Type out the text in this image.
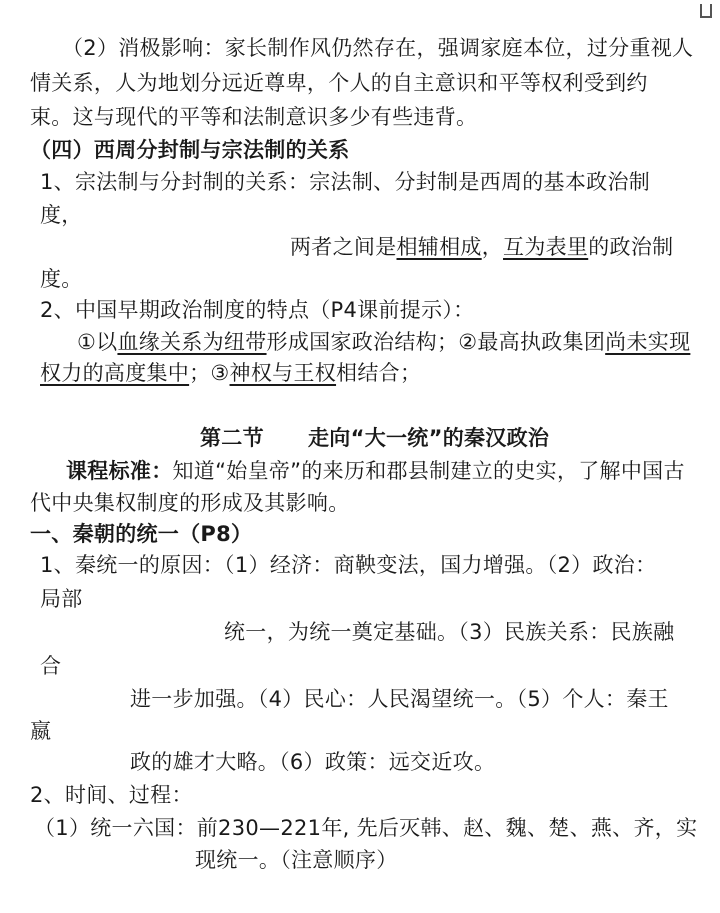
（2）消极影响：家长制作风仍然存在，强调家庭本位，过分重视人
情关系，人为地划分远近尊卑，个人的自主意识和平等权利受到约
束。这与现代的平等和法制意识多少有些违背。
（四）西周分封制与宗法制的关系
1、宗法制与分封制的关系：宗法制、分封制是西周的基本政治制
度，
两者之间是相辅相成，互为表里的政治制
度。
2、中国早期政治制度的特点（P4课前提示）：
①以血缘关系为纽带形成国家政治结构；②最高执政集团尚未实现
权力的高度集中；③神权与王权相结合；
第二节 走向“大一统”的秦汉政治
课程标准：知道“始皇帝”的来历和郡县制建立的史实，了解中国古
代中央集权制度的形成及其影响。
一、秦朝的统一（P8）
1、秦统一的原因：（1）经济：商鞅变法，国力增强。（2）政治：
局部
统一，为统一奠定基础。（3）民族关系：民族融
合
进一步加强。（4）民心：人民渴望统一。（5）个人：秦王
嬴
政的雄才大略。（6）政策：远交近攻。
2、时间、过程：
（1）统一六国：前230—221年, 先后灭韩、赵、魏、楚、燕、齐，实
现统一。（注意顺序）
